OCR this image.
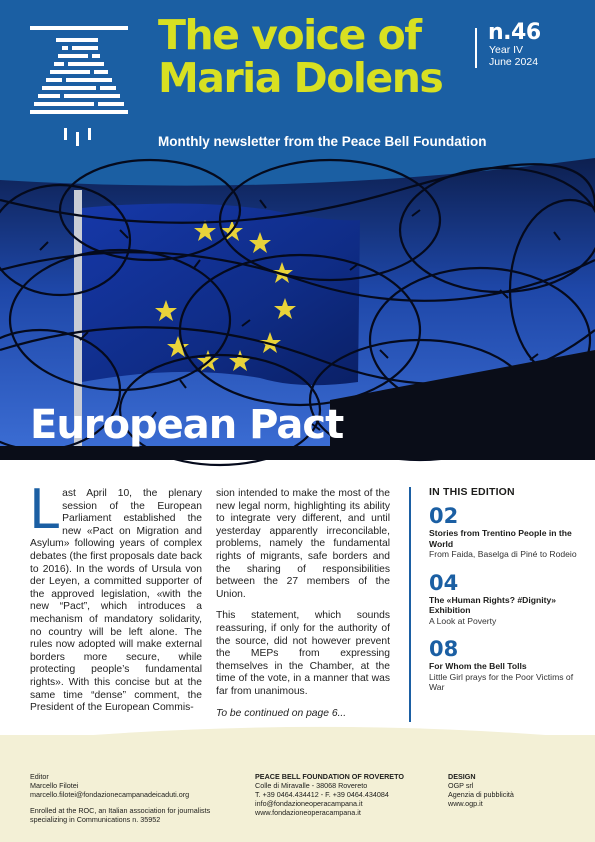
The voice of
Maria Dolens
n.46
Year IV
June 2024
Monthly newsletter from the Peace Bell Foundation
European Pact
© Stadtretto
Last April 10, the plenary session of the European Parliament established the new «Pact on Migration and Asylum» following years of complex debates (the first proposals date back to 2016). In the words of Ursula von der Leyen, a committed supporter of the approved legislation, «with the new “Pact”, which introduces a mechanism of mandatory solidarity, no country will be left alone. The rules now adopted will make external borders more secure, while protecting people’s fundamental rights». With this concise but at the same time “dense” comment, the President of the European Commis-

sion intended to make the most of the new legal norm, highlighting its ability to integrate very different, and until yesterday apparently irreconcilable, problems, namely the fundamental rights of migrants, safe borders and the sharing of responsibilities between the 27 members of the Union.

This statement, which sounds reassuring, if only for the authority of the source, did not however prevent the MEPs from expressing themselves in the Chamber, at the time of the vote, in a manner that was far from unanimous.

To be continued on page 6...

IN THIS EDITION
02
Stories from Trentino People in the World
From Faida, Baselga di Piné to Rodeio
04
The «Human Rights? #Dignity» Exhibition
A Look at Poverty
08
For Whom the Bell Tolls
Little Girl prays for the Poor Victims of War
Editor
Marcello Filotei
marcello.filotei@fondazionecampanadeicaduti.org
Enrolled at the ROC, an Italian association for journalists specializing in Communications n. 35952
PEACE BELL FOUNDATION OF ROVERETO
Colle di Miravalle - 38068 Rovereto
T. +39 0464.434412 - F. +39 0464.434084
info@fondazioneoperacampana.it
www.fondazioneoperacampana.it
DESIGN
OGP srl
Agenzia di pubblicità
www.ogp.it
